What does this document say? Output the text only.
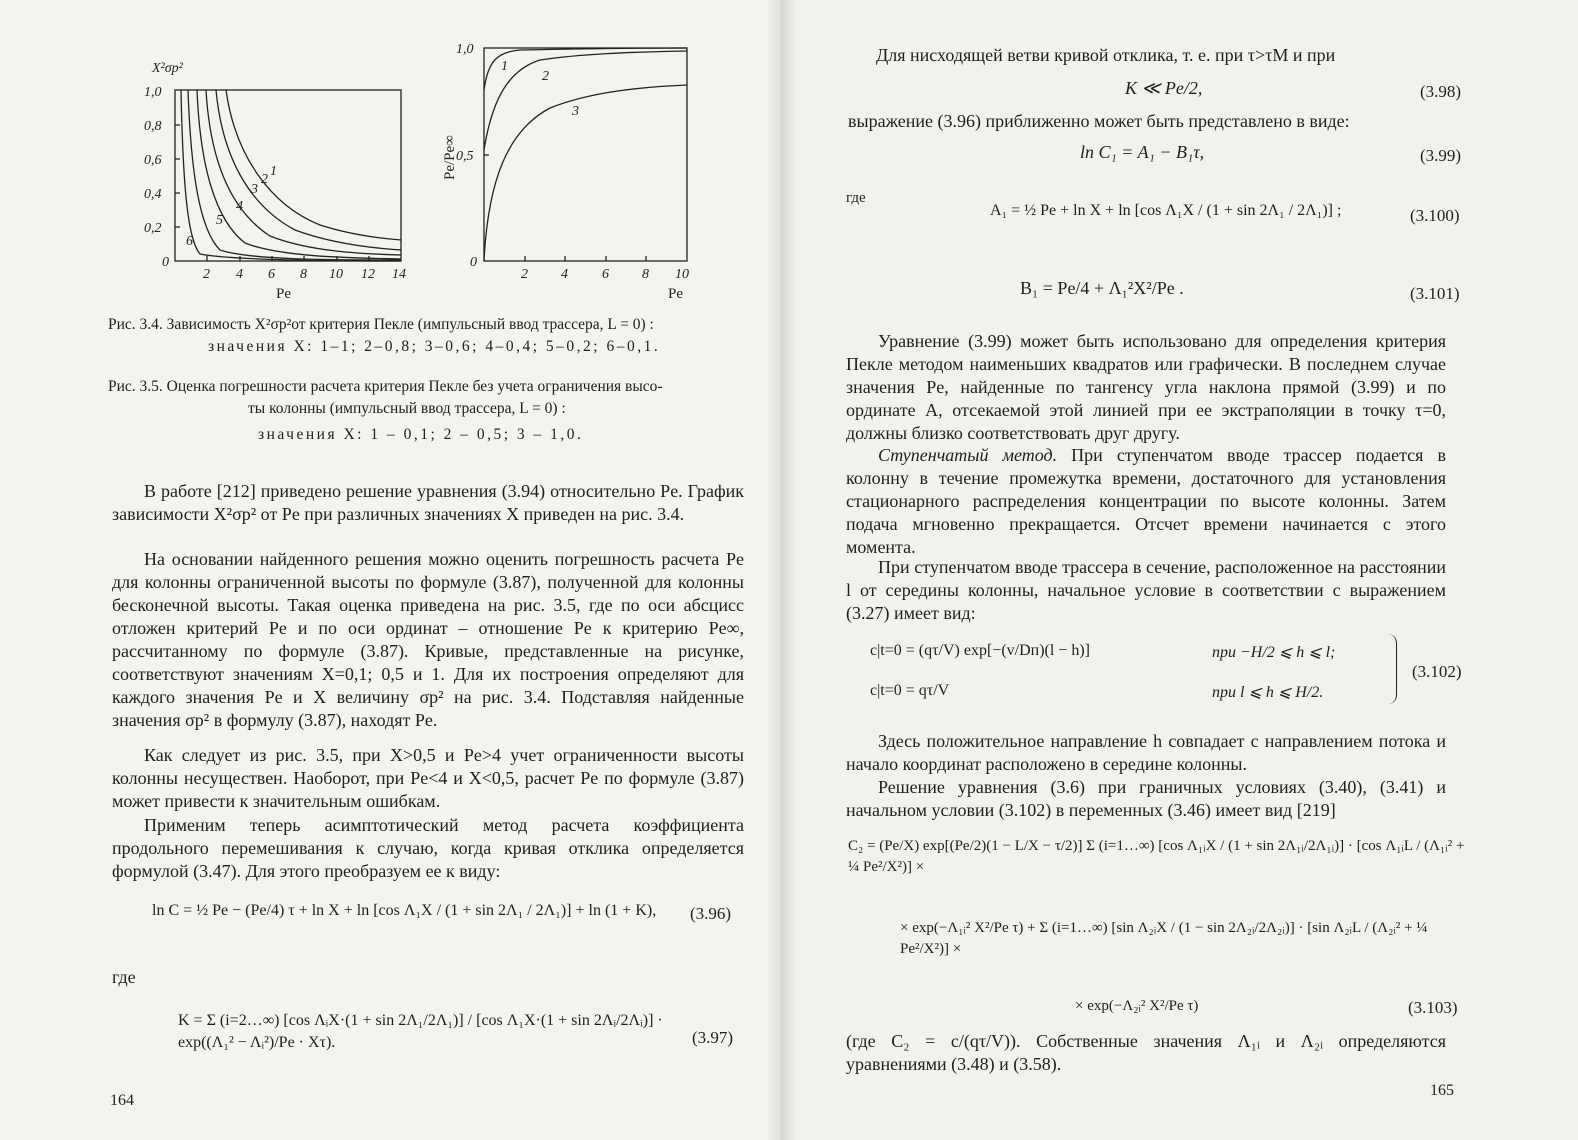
X²σp²
1,0
0,8
0,6
0,4
0,2
0
2 4 6 8 10 12 14
Pe
1
2
3
4
5
6
1,0
0,5
0
Pe/Pe∞
2 4 6 8 10
Pe
1
2
3
Рис. 3.4. Зависимость X²σp²от критерия Пекле (импульсный ввод трассера, L = 0) :
значения X: 1–1; 2–0,8; 3–0,6; 4–0,4; 5–0,2; 6–0,1.
Рис. 3.5. Оценка погрешности расчета критерия Пекле без учета ограничения высо-
ты колонны (импульсный ввод трассера, L = 0) :
значения X: 1 – 0,1; 2 – 0,5; 3 – 1,0.
В работе [212] приведено решение уравнения (3.94) относительно Pe. График зависимости X²σp² от Pe при различных значениях X приведен на рис. 3.4.
На основании найденного решения можно оценить погрешность расчета Pe для колонны ограниченной высоты по формуле (3.87), полученной для колонны бесконечной высоты. Такая оценка приведена на рис. 3.5, где по оси абсцисс отложен критерий Pe и по оси ординат – отношение Pe к критерию Pe∞, рассчитанному по формуле (3.87). Кривые, представленные на рисунке, соответствуют значениям X=0,1; 0,5 и 1. Для их построения определяют для каждого значения Pe и X величину σp² на рис. 3.4. Подставляя найденные значения σp² в формулу (3.87), находят Pe.
Как следует из рис. 3.5, при X>0,5 и Pe>4 учет ограниченности высоты колонны несуществен. Наоборот, при Pe<4 и X<0,5, расчет Pe по формуле (3.87) может привести к значительным ошибкам.
Применим теперь асимптотический метод расчета коэффициента продольного перемешивания к случаю, когда кривая отклика определяется формулой (3.47). Для этого преобразуем ее к виду:
ln C = ½ Pe − (Pe/4) τ + ln X + ln [cos Λ₁X / (1 + sin 2Λ₁ / 2Λ₁)] + ln (1 + K),	(3.96)
где
K = Σ (i=2…∞) [cos ΛᵢX·(1 + sin 2Λ₁/2Λ₁)] / [cos Λ₁X·(1 + sin 2Λᵢ/2Λᵢ)] · exp((Λ₁² − Λᵢ²)/Pe · Xτ).	(3.97)
164
Для нисходящей ветви кривой отклика, т. е. при τ>τM и при
K ≪ Pe/2,	(3.98)
выражение (3.96) приближенно может быть представлено в виде:
ln C₁ = A₁ − B₁τ,	(3.99)
где
A₁ = ½ Pe + ln X + ln [cos Λ₁X / (1 + sin 2Λ₁ / 2Λ₁)] ;	(3.100)
B₁ = Pe/4 + Λ₁²X²/Pe .	(3.101)
Уравнение (3.99) может быть использовано для определения критерия Пекле методом наименьших квадратов или графически. В последнем случае значения Pe, найденные по тангенсу угла наклона прямой (3.99) и по ординате A, отсекаемой этой линией при ее экстраполяции в точку τ=0, должны близко соответствовать друг другу.
Ступенчатый метод. При ступенчатом вводе трассер подается в колонну в течение промежутка времени, достаточного для установления стационарного распределения концентрации по высоте колонны. Затем подача мгновенно прекращается. Отсчет времени начинается с этого момента.
При ступенчатом вводе трассера в сечение, расположенное на расстоянии l от середины колонны, начальное условие в соответствии с выражением (3.27) имеет вид:
c|t=0 = (qτ/V) exp[−(v/Dп)(l − h)]	при −H/2 ⩽ h ⩽ l;
c|t=0 = qτ/V	при l ⩽ h ⩽ H/2.
(3.102)
Здесь положительное направление h совпадает с направлением потока и начало координат расположено в середине колонны.
Решение уравнения (3.6) при граничных условиях (3.40), (3.41) и начальном условии (3.102) в переменных (3.46) имеет вид [219]
C₂ = (Pe/X) exp[(Pe/2)(1 − L/X − τ/2)] Σ (i=1…∞) [cos Λ₁ᵢX / (1 + sin 2Λ₁ᵢ/2Λ₁ᵢ)] · [cos Λ₁ᵢL / (Λ₁ᵢ² + ¼ Pe²/X²)] ×
× exp(−Λ₁ᵢ² X²/Pe τ) + Σ (i=1…∞) [sin Λ₂ᵢX / (1 − sin 2Λ₂ᵢ/2Λ₂ᵢ)] · [sin Λ₂ᵢL / (Λ₂ᵢ² + ¼ Pe²/X²)] ×
× exp(−Λ₂ᵢ² X²/Pe τ)	(3.103)
(где C₂ = c/(qτ/V)). Собственные значения Λ₁ᵢ и Λ₂ᵢ определяются уравнениями (3.48) и (3.58).
165
